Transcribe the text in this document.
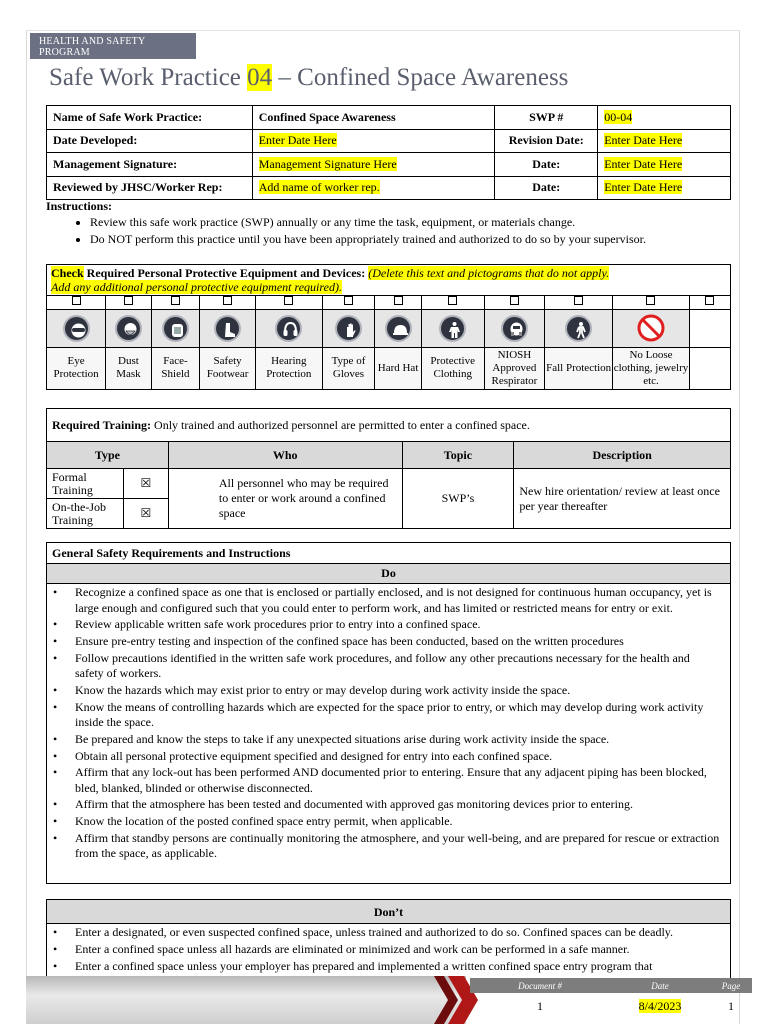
HEALTH AND SAFETY PROGRAM
Safe Work Practice 04 – Confined Space Awareness
Name of Safe Work Practice:	Confined Space Awareness	SWP #	00-04
Date Developed:	Enter Date Here	Revision Date:	Enter Date Here
Management Signature:	Management Signature Here	Date:	Enter Date Here
Reviewed by JHSC/Worker Rep:	Add name of worker rep.	Date:	Enter Date Here
Instructions:
• Review this safe work practice (SWP) annually or any time the task, equipment, or materials change.
• Do NOT perform this practice until you have been appropriately trained and authorized to do so by your supervisor.
Check Required Personal Protective Equipment and Devices: (Delete this text and pictograms that do not apply.
Add any additional personal protective equipment required).

Eye Protection	Dust Mask	Face-Shield	Safety Footwear	Hearing Protection	Type of Gloves	Hard Hat	Protective Clothing	NIOSH Approved Respirator	Fall Protection	No Loose clothing, jewelry etc.	
Required Training: Only trained and authorized personnel are permitted to enter a confined space.				
Type		Who	Topic	Description
Formal Training	☒	All personnel who may be required to enter or work around a confined space	SWP’s	New hire orientation/ review at least once per year thereafter
On-the-Job Training	☒			
General Safety Requirements and Instructions
Do
• Recognize a confined space as one that is enclosed or partially enclosed, and is not designed for continuous human occupancy, yet is large enough and configured such that you could enter to perform work, and has limited or restricted means for entry or exit.
• Review applicable written safe work procedures prior to entry into a confined space.
• Ensure pre-entry testing and inspection of the confined space has been conducted, based on the written procedures
• Follow precautions identified in the written safe work procedures, and follow any other precautions necessary for the health and safety of workers.
• Know the hazards which may exist prior to entry or may develop during work activity inside the space.
• Know the means of controlling hazards which are expected for the space prior to entry, or which may develop during work activity inside the space.
• Be prepared and know the steps to take if any unexpected situations arise during work activity inside the space.
• Obtain all personal protective equipment specified and designed for entry into each confined space.
• Affirm that any lock-out has been performed AND documented prior to entering. Ensure that any adjacent piping has been blocked, bled, blanked, blinded or otherwise disconnected.
• Affirm that the atmosphere has been tested and documented with approved gas monitoring devices prior to entering.
• Know the location of the posted confined space entry permit, when applicable.
• Affirm that standby persons are continually monitoring the atmosphere, and your well-being, and are prepared for rescue or extraction from the space, as applicable.
Don’t
• Enter a designated, or even suspected confined space, unless trained and authorized to do so. Confined spaces can be deadly.
• Enter a confined space unless all hazards are eliminated or minimized and work can be performed in a safe manner.
• Enter a confined space unless your employer has prepared and implemented a written confined space entry program that
Document #	Date	Page
1	8/4/2023	1
